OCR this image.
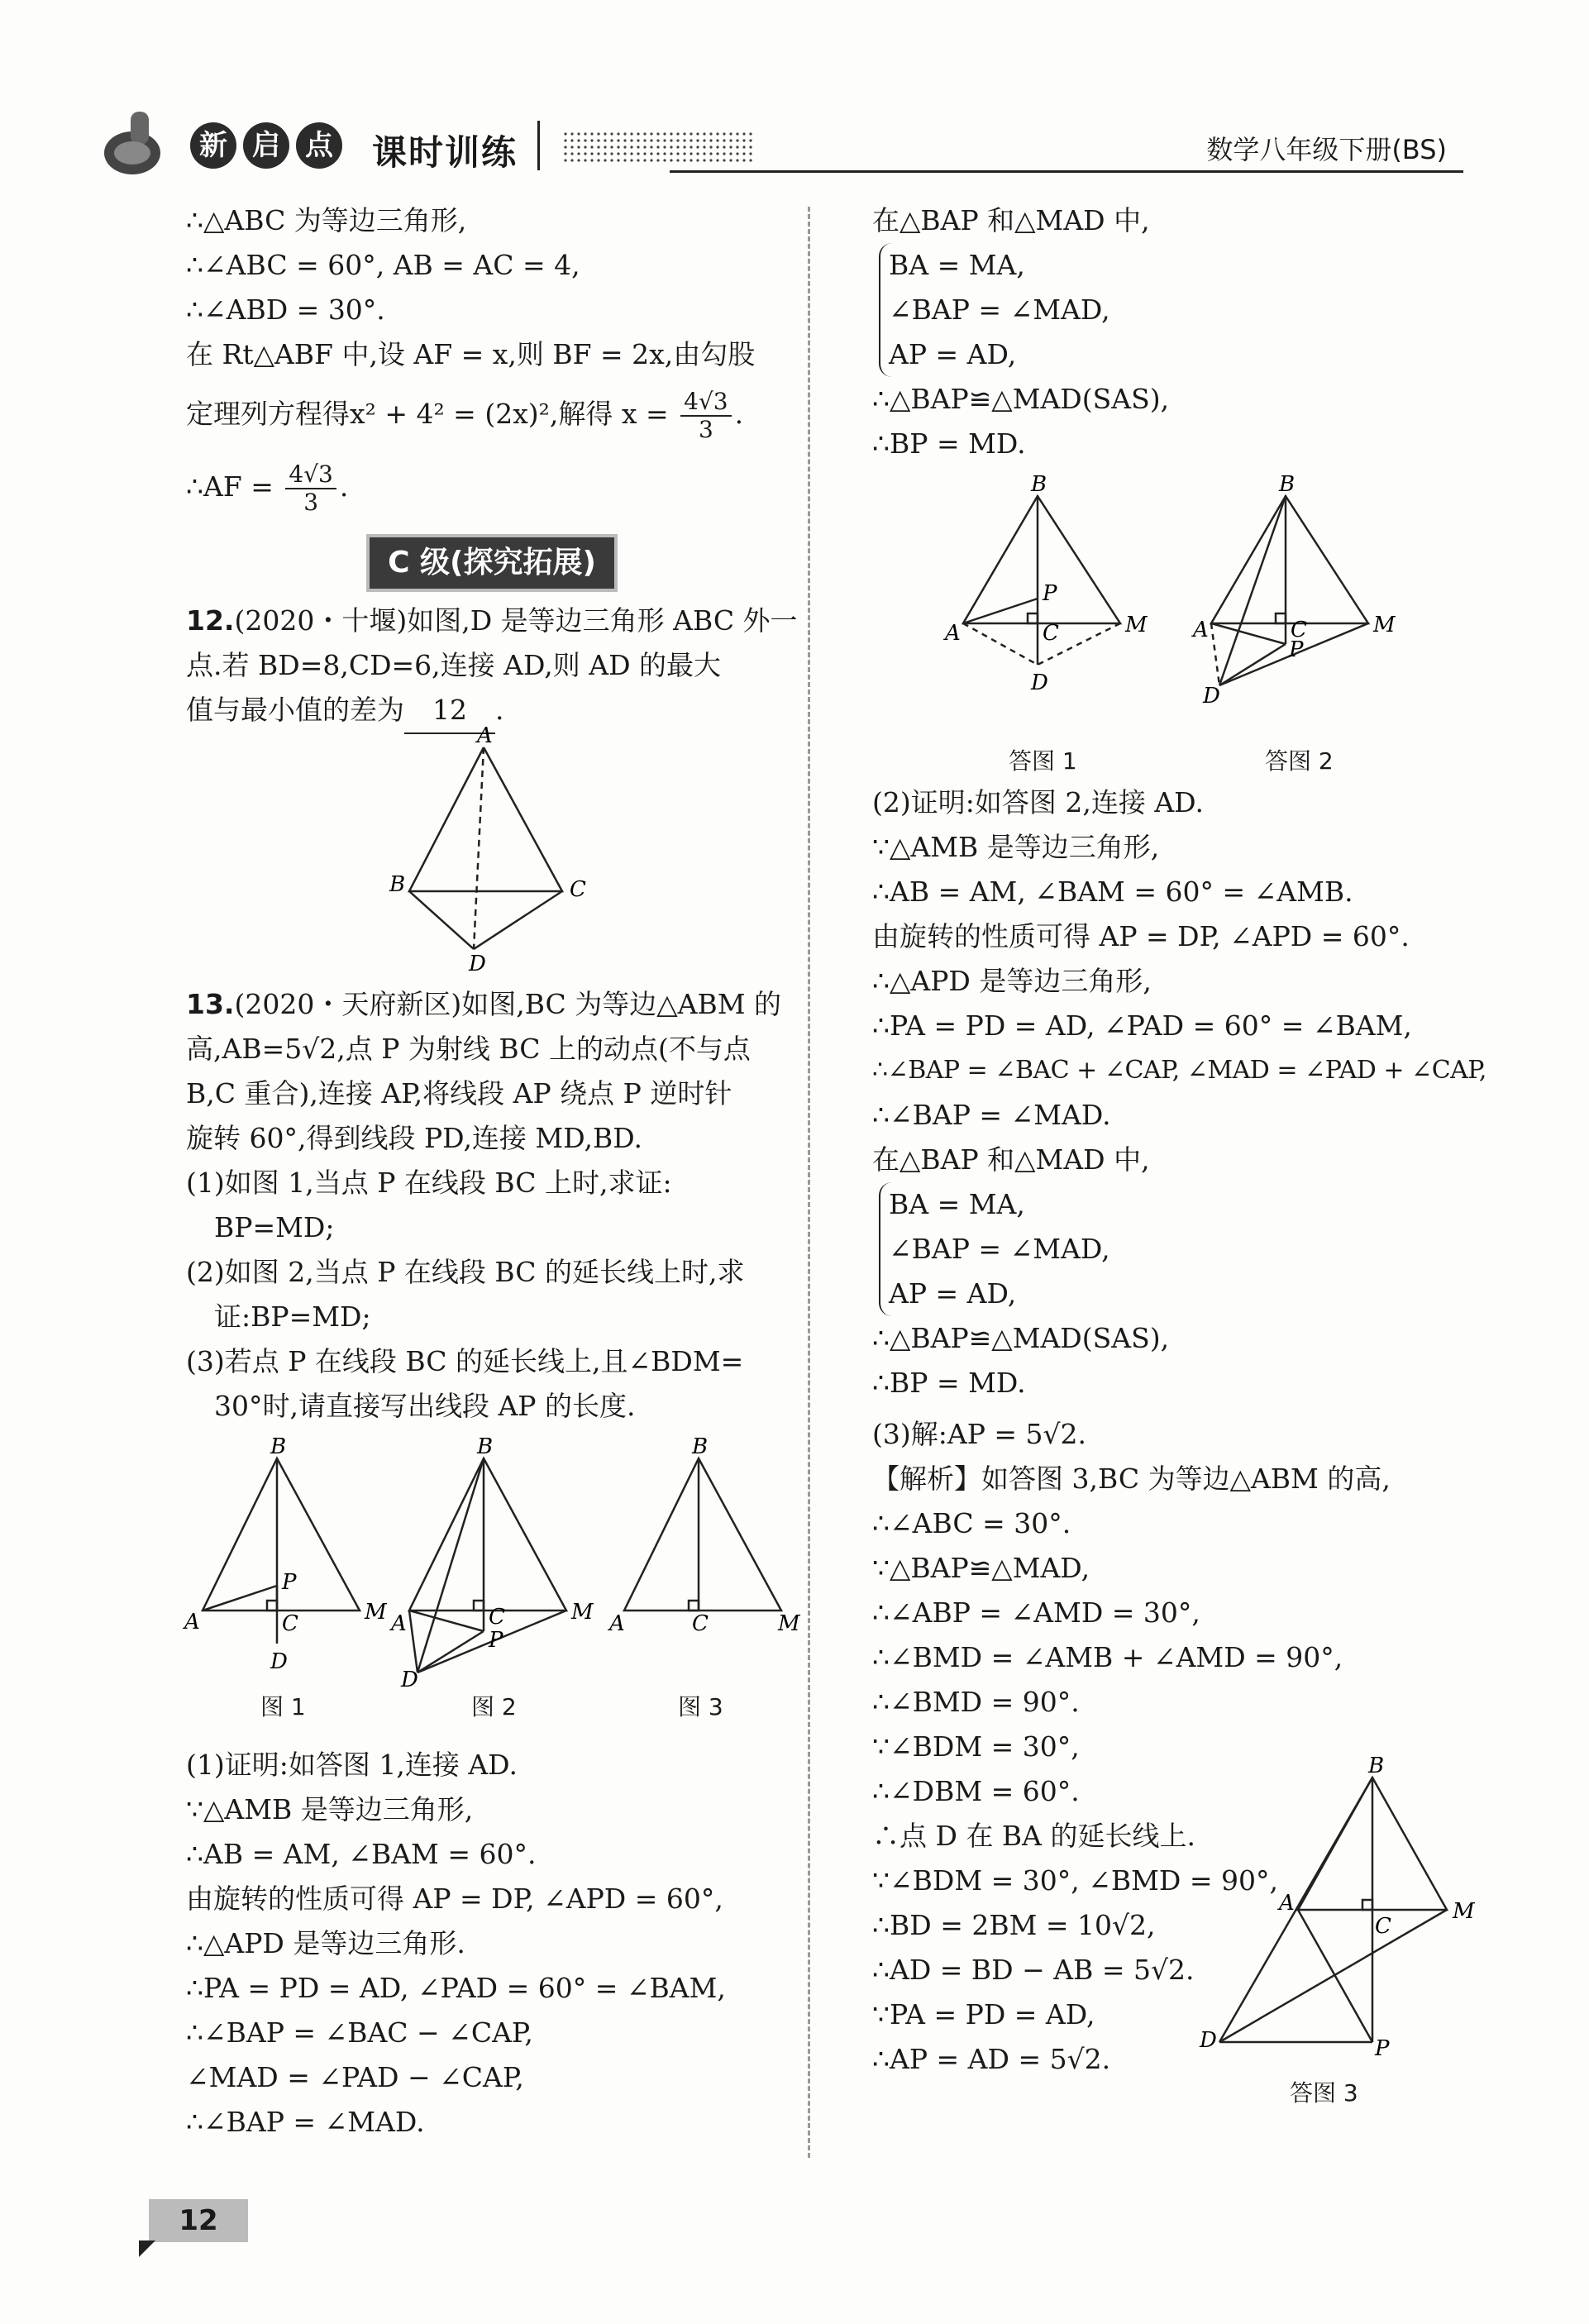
新 启 点 课时训练	数学八年级下册(BS)
∴△ABC 为等边三角形,
∴∠ABC = 60°, AB = AC = 4,
∴∠ABD = 30°.
在 Rt△ABF 中,设 AF = x,则 BF = 2x,由勾股
定理列方程得x² + 4² = (2x)²,解得 $x = \frac{4√3}{3}$ .
∴AF = $\frac{4√3}{3}$ .
C 级(探究拓展)
12.(2020・十堰)如图,D 是等边三角形 ABC 外一
点.若 BD=8,CD=6,连接 AD,则 AD 的最大
值与最小值的差为 12 .
A
B	C
D
13.(2020・天府新区)如图,BC 为等边△ABM 的
高,AB=5√2,点 P 为射线 BC 上的动点(不与点
B,C 重合),连接 AP,将线段 AP 绕点 P 逆时针
旋转 60°,得到线段 PD,连接 MD,BD.
(1)如图 1,当点 P 在线段 BC 上时,求证:
BP=MD;
(2)如图 2,当点 P 在线段 BC 的延长线上时,求
证:BP=MD;
(3)若点 P 在线段 BC 的延长线上,且∠BDM=
30°时,请直接写出线段 AP 的长度.
B
P
A	C	M
D
B
A	C
P
M
D
B
A	C	M
图 1	图 2	图 3
(1)证明:如答图 1,连接 AD.
∵△AMB 是等边三角形,
∴AB = AM, ∠BAM = 60°.
由旋转的性质可得 AP = DP, ∠APD = 60°,
∴△APD 是等边三角形.
∴PA = PD = AD, ∠PAD = 60° = ∠BAM,
∴∠BAP = ∠BAC − ∠CAP,
∠MAD = ∠PAD − ∠CAP,
∴∠BAP = ∠MAD.
在△BAP 和△MAD 中,
BA = MA,
∠BAP = ∠MAD,
AP = AD,
∴△BAP≌△MAD(SAS),
∴BP = MD.
B
P
A	C	M
D
B
A	C
P
M
D
答图 1	答图 2
(2)证明:如答图 2,连接 AD.
∵△AMB 是等边三角形,
∴AB = AM, ∠BAM = 60° = ∠AMB.
由旋转的性质可得 AP = DP, ∠APD = 60°.
∴△APD 是等边三角形,
∴PA = PD = AD, ∠PAD = 60° = ∠BAM,
∴∠BAP = ∠BAC + ∠CAP, ∠MAD = ∠PAD + ∠CAP,
∴∠BAP = ∠MAD.
在△BAP 和△MAD 中,
BA = MA,
∠BAP = ∠MAD,
AP = AD,
∴△BAP≌△MAD(SAS),
∴BP = MD.
(3)解:AP = 5√2.
【解析】如答图 3,BC 为等边△ABM 的高,
∴∠ABC = 30°.
∵△BAP≌△MAD,
∴∠ABP = ∠AMD = 30°,
∴∠BMD = ∠AMB + ∠AMD = 90°,
∴∠BMD = 90°.
∵∠BDM = 30°,
∴∠DBM = 60°.
∴点 D 在 BA 的延长线上.
∵∠BDM = 30°, ∠BMD = 90°,
∴BD = 2BM = 10√2,
∴AD = BD − AB = 5√2.
∵PA = PD = AD,
∴AP = AD = 5√2.
B
A
C
M
D	P
答图 3
12
